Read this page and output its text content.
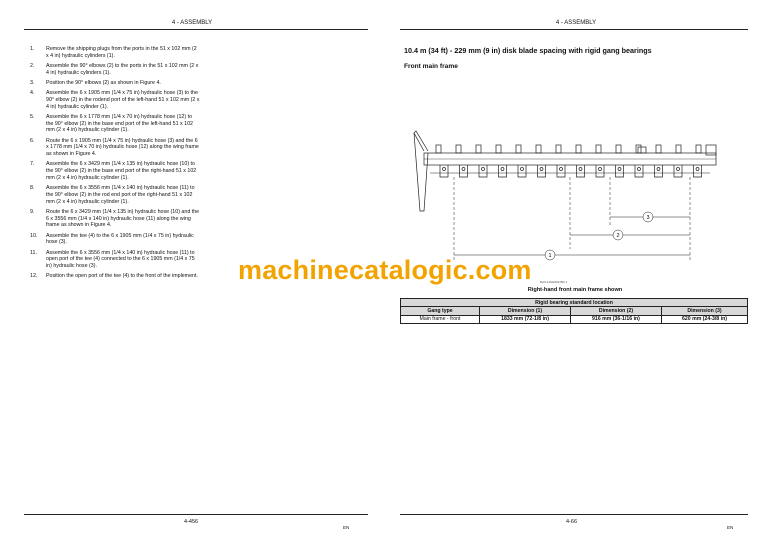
4 - ASSEMBLY
1. Remove the shipping plugs from the ports in the 51 x 102 mm (2 x 4 in) hydraulic cylinders (1).
2. Assemble the 90° elbows (2) to the ports in the 51 x 102 mm (2 x 4 in) hydraulic cylinders (1).
3. Position the 90° elbows (2) as shown in Figure 4.
4. Assemble the 6 x 1905 mm (1/4 x 75 in) hydraulic hose (3) to the 90° elbow (2) in the rodend port of the left-hand 51 x 102 mm (2 x 4 in) hydraulic cylinder (1).
5. Assemble the 6 x 1778 mm (1/4 x 70 in) hydraulic hose (12) to the 90° elbow (2) in the base end port of the left-hand 51 x 102 mm (2 x 4 in) hydraulic cylinder (1).
6. Route the 6 x 1905 mm (1/4 x 75 in) hydraulic hose (3) and the 6 x 1778 mm (1/4 x 70 in) hydraulic hose (12) along the wing frame as shown in Figure 4.
7. Assemble the 6 x 3429 mm (1/4 x 135 in) hydraulic hose (10) to the 90° elbow (2) in the base end port of the right-hand 51 x 102 mm (2 x 4 in) hydraulic cylinder (1).
8. Assemble the 6 x 3556 mm (1/4 x 140 in) hydraulic hose (11) to the 90° elbow (2) in the rod end port of the right-hand 51 x 102 mm (2 x 4 in) hydraulic cylinder (1).
9. Route the 6 x 3429 mm (1/4 x 135 in) hydraulic hose (10) and the 6 x 3556 mm (1/4 x 140 in) hydraulic hose (11) along the wing frame as shown in Figure 4.
10. Assemble the tee (4) to the 6 x 1905 mm (1/4 x 75 in) hydraulic hose (3).
11. Assemble the 6 x 3556 mm (1/4 x 140 in) hydraulic hose (11) to open port of the tee (4) connected to the 6 x 1905 mm (1/4 x 75 in) hydraulic hose (3).
12. Position the open port of the tee (4) to the front of the implement.
4-456
EN
4 - ASSEMBLY
10.4 m (34 ft) - 229 mm (9 in) disk blade spacing with rigid gang bearings
Front main frame
1
2
3
RAIL14GE0037BA 1
Right-hand front main frame shown
Rigid bearing standard location			
Gang type	Dimension (1)	Dimension (2)	Dimension (3)
Main frame - front	1833 mm (72-1/8 in)	916 mm (36-1/16 in)	620 mm (24-3/8 in)
4-66
EN
machinecatalogic.com
